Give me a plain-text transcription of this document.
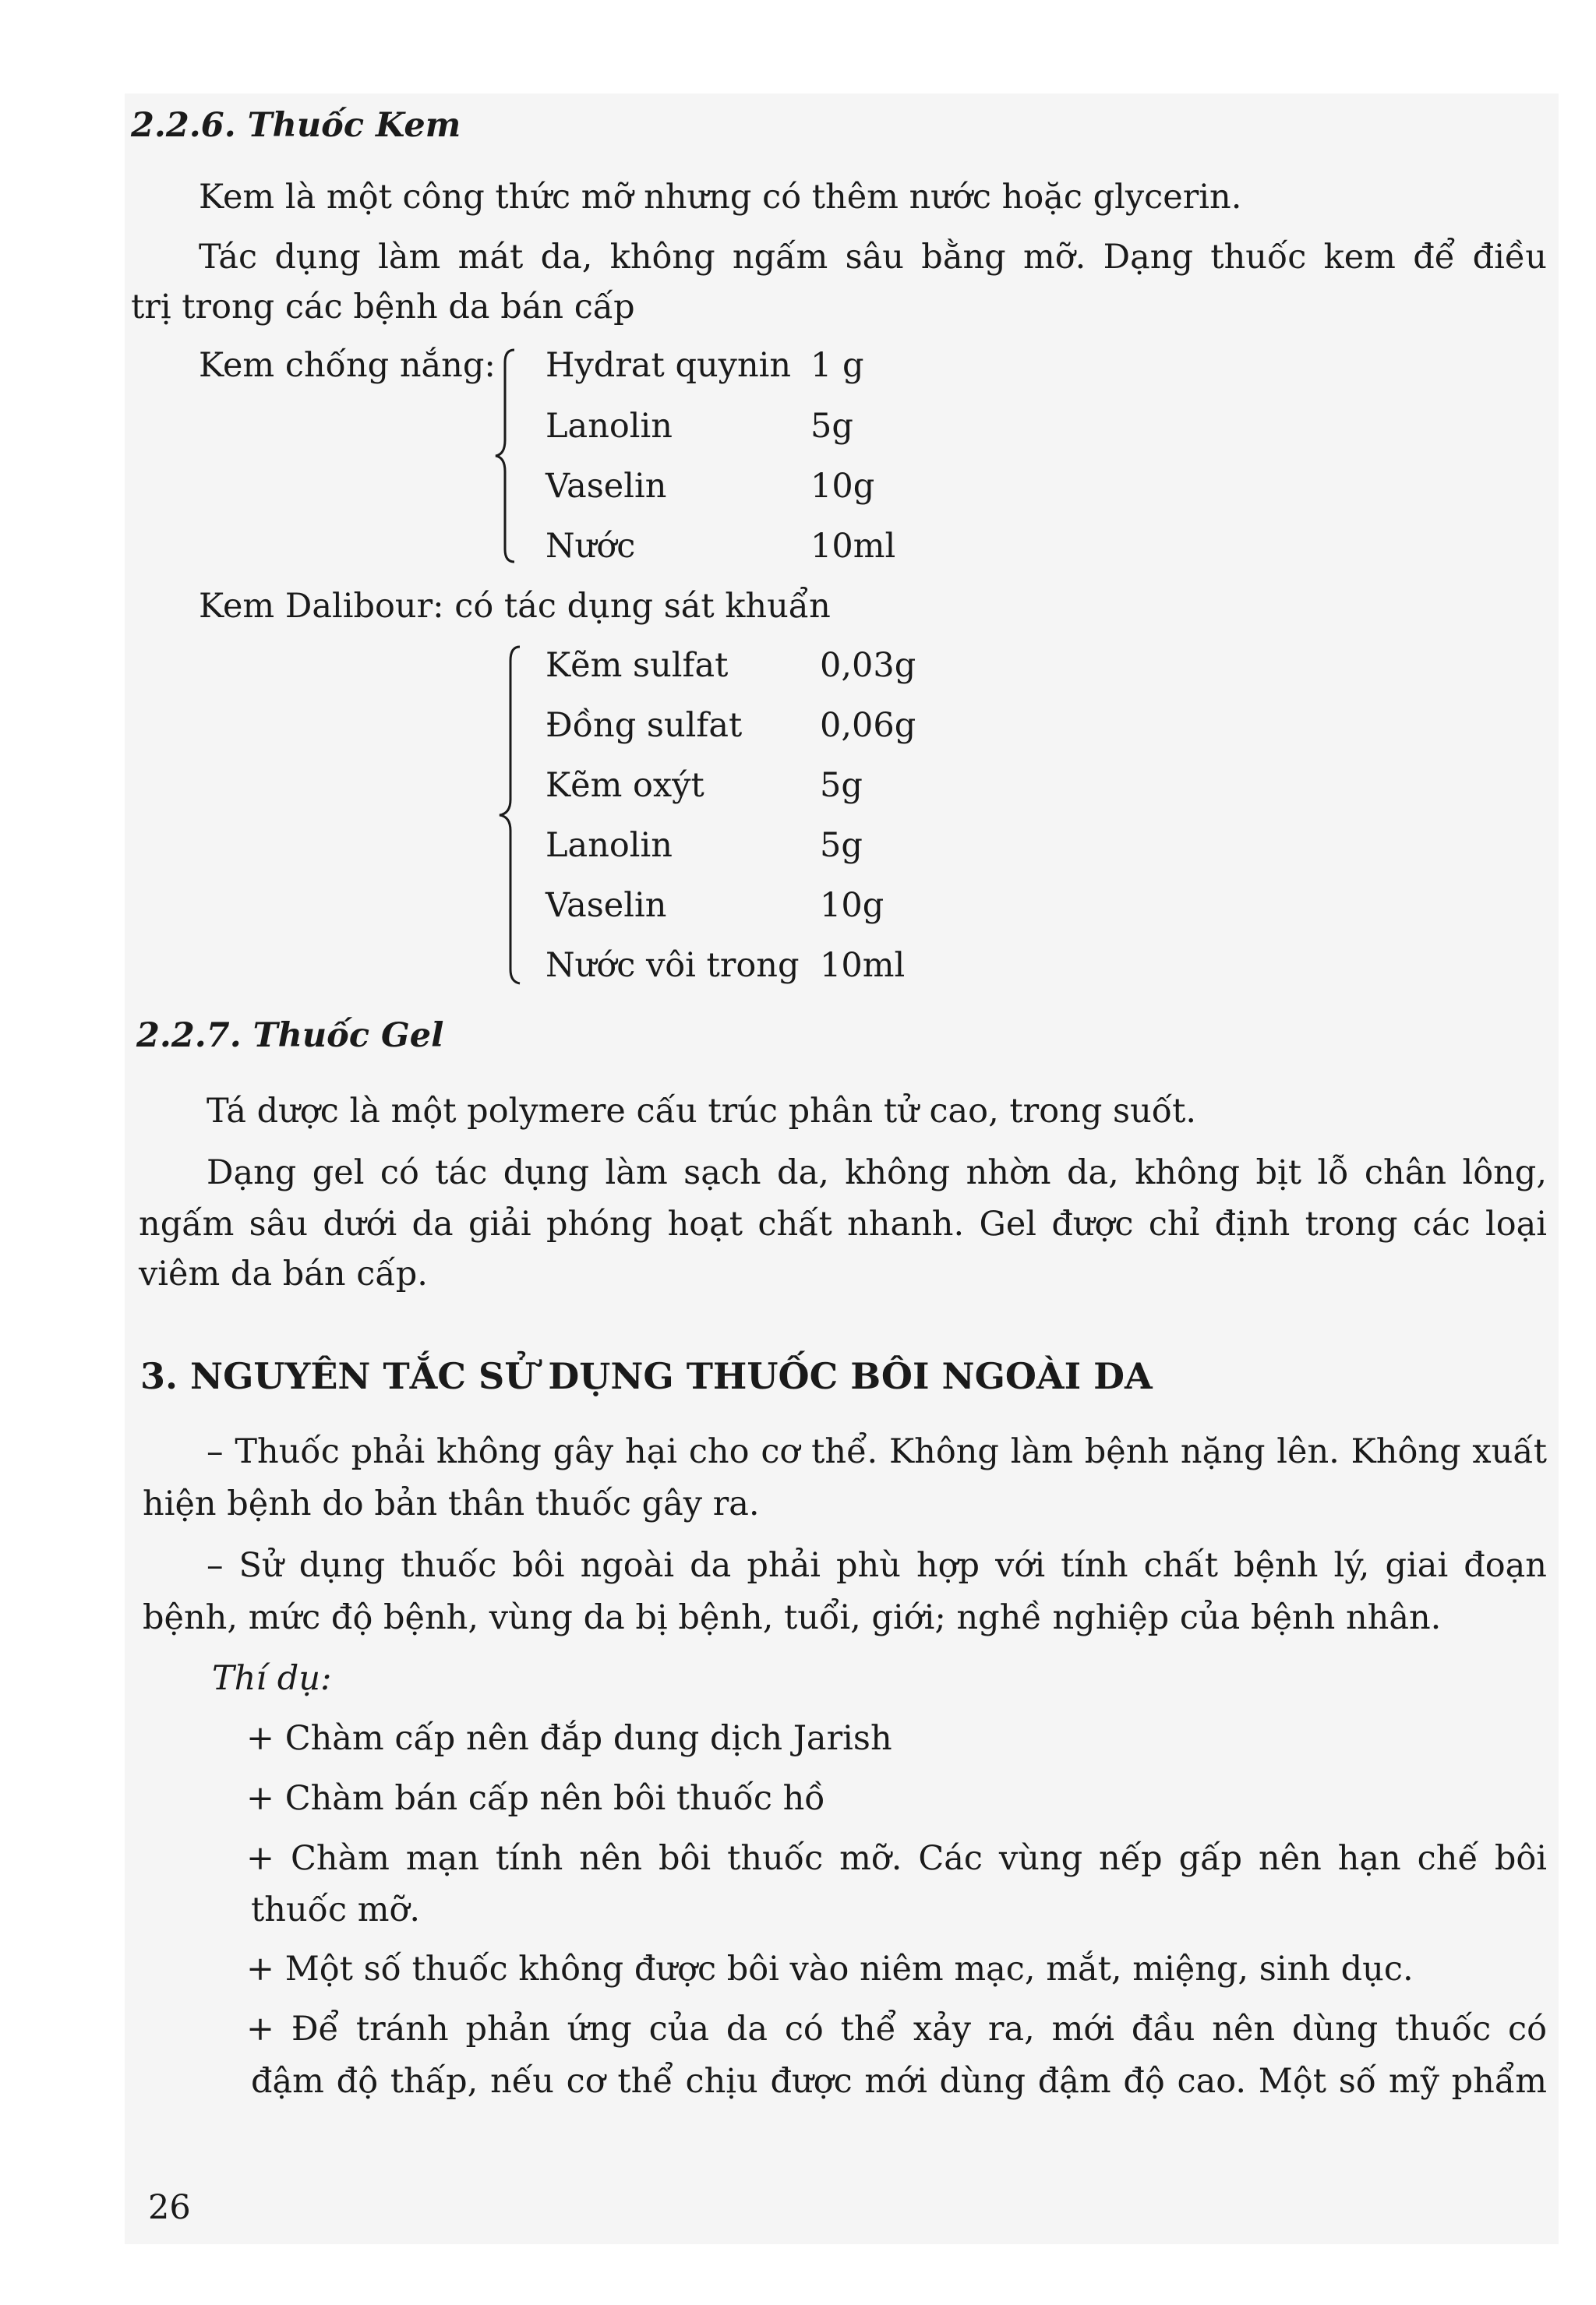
2.2.6. Thuốc Kem
Kem là một công thức mỡ nhưng có thêm nước hoặc glycerin.
Tác dụng làm mát da, không ngấm sâu bằng mỡ. Dạng thuốc kem để điều
trị trong các bệnh da bán cấp
Kem chống nắng: Hydrat quynin 1 g
Lanolin	5g
Vaselin	10g
Nước	10ml
Kem Dalibour: có tác dụng sát khuẩn
Kẽm sulfat	0,03g
Đồng sulfat 0,06g
Kẽm oxýt	5g
Lanolin	5g
Vaselin	10g
Nước vôi trong 10ml
2.2.7. Thuốc Gel
Tá dược là một polymere cấu trúc phân tử cao, trong suốt.
Dạng gel có tác dụng làm sạch da, không nhờn da, không bịt lỗ chân lông,
ngấm sâu dưới da giải phóng hoạt chất nhanh. Gel được chỉ định trong các loại
viêm da bán cấp.
3. NGUYÊN TẮC SỬ DỤNG THUỐC BÔI NGOÀI DA
– Thuốc phải không gây hại cho cơ thể. Không làm bệnh nặng lên. Không xuất
hiện bệnh do bản thân thuốc gây ra.
– Sử dụng thuốc bôi ngoài da phải phù hợp với tính chất bệnh lý, giai đoạn
bệnh, mức độ bệnh, vùng da bị bệnh, tuổi, giới; nghề nghiệp của bệnh nhân.
Thí dụ:
+ Chàm cấp nên đắp dung dịch Jarish
+ Chàm bán cấp nên bôi thuốc hồ
+ Chàm mạn tính nên bôi thuốc mỡ. Các vùng nếp gấp nên hạn chế bôi
thuốc mỡ.
+ Một số thuốc không được bôi vào niêm mạc, mắt, miệng, sinh dục.
+ Để tránh phản ứng của da có thể xảy ra, mới đầu nên dùng thuốc có
đậm độ thấp, nếu cơ thể chịu được mới dùng đậm độ cao. Một số mỹ phẩm
26
